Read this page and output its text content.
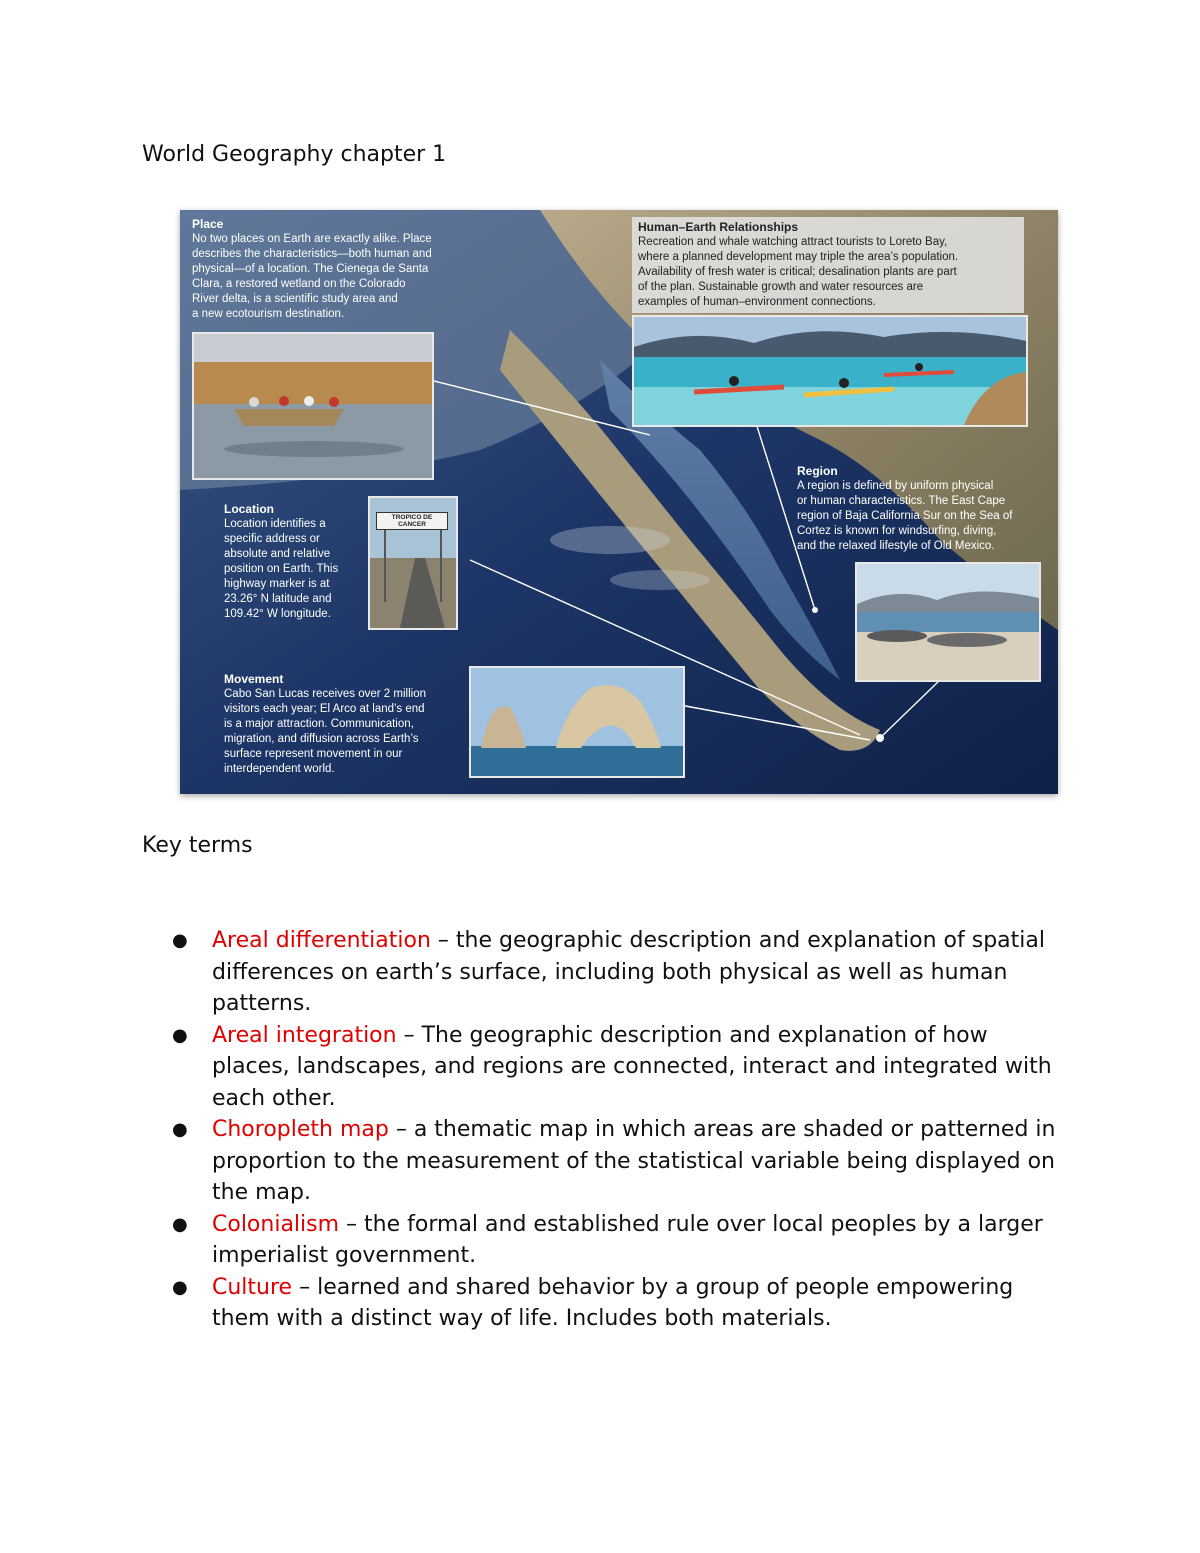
World Geography chapter 1
Place
No two places on Earth are exactly alike. Place
describes the characteristics—both human and
physical—of a location. The Cienega de Santa
Clara, a restored wetland on the Colorado
River delta, is a scientific study area and
a new ecotourism destination.
Human–Earth Relationships
Recreation and whale watching attract tourists to Loreto Bay,
where a planned development may triple the area’s population.
Availability of fresh water is critical; desalination plants are part
of the plan. Sustainable growth and water resources are
examples of human–environment connections.
Region
A region is defined by uniform physical
or human characteristics. The East Cape
region of Baja California Sur on the Sea of
Cortez is known for windsurfing, diving,
and the relaxed lifestyle of Old Mexico.
Location
Location identifies a
specific address or
absolute and relative
position on Earth. This
highway marker is at
23.26° N latitude and
109.42° W longitude.
TROPICO DE CANCER
Movement
Cabo San Lucas receives over 2 million
visitors each year; El Arco at land’s end
is a major attraction. Communication,
migration, and diffusion across Earth’s
surface represent movement in our
interdependent world.
Key terms
● Areal differentiation – the geographic description and explanation of spatial differences on earth’s surface, including both physical as well as human patterns.
● Areal integration – The geographic description and explanation of how places, landscapes, and regions are connected, interact and integrated with each other.
● Choropleth map – a thematic map in which areas are shaded or patterned in proportion to the measurement of the statistical variable being displayed on the map.
● Colonialism – the formal and established rule over local peoples by a larger imperialist government.
● Culture – learned and shared behavior by a group of people empowering them with a distinct way of life. Includes both materials.
